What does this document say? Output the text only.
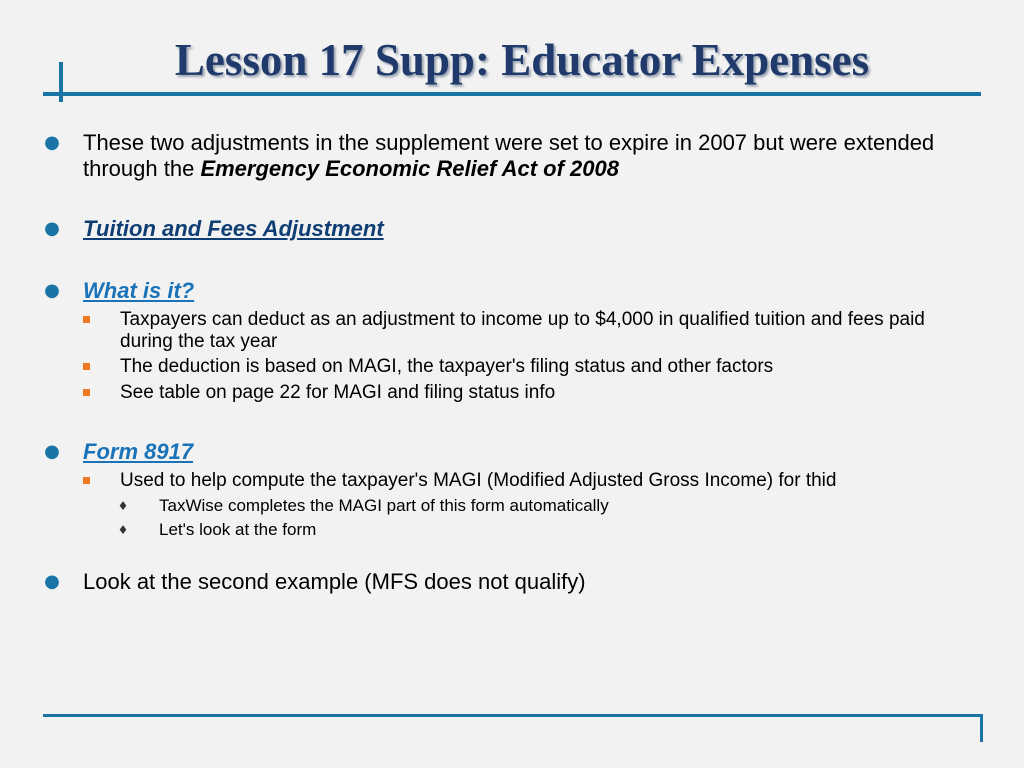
Lesson 17 Supp: Educator Expenses
● These two adjustments in the supplement were set to expire in 2007 but were extended through the Emergency Economic Relief Act of 2008
● Tuition and Fees Adjustment
● What is it?
Taxpayers can deduct as an adjustment to income up to $4,000 in qualified tuition and fees paid during the tax year
The deduction is based on MAGI, the taxpayer's filing status and other factors
See table on page 22 for MAGI and filing status info
● Form 8917
Used to help compute the taxpayer's MAGI (Modified Adjusted Gross Income) for thid
♦ TaxWise completes the MAGI part of this form automatically
♦ Let's look at the form
● Look at the second example (MFS does not qualify)
